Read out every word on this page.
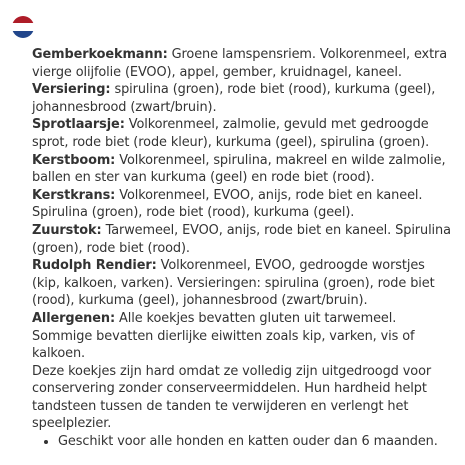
Gemberkoekmann: Groene lamspensriem. Volkorenmeel, extra vierge olijfolie (EVOO), appel, gember, kruidnagel, kaneel.

Versiering: spirulina (groen), rode biet (rood), kurkuma (geel), johannesbrood (zwart/bruin).

Sprotlaarsje: Volkorenmeel, zalmolie, gevuld met gedroogde sprot, rode biet (rode kleur), kurkuma (geel), spirulina (groen).

Kerstboom: Volkorenmeel, spirulina, makreel en wilde zalmolie, ballen en ster van kurkuma (geel) en rode biet (rood).

Kerstkrans: Volkorenmeel, EVOO, anijs, rode biet en kaneel. Spirulina (groen), rode biet (rood), kurkuma (geel).

Zuurstok: Tarwemeel, EVOO, anijs, rode biet en kaneel. Spirulina (groen), rode biet (rood).

Rudolph Rendier: Volkorenmeel, EVOO, gedroogde worstjes (kip, kalkoen, varken). Versieringen: spirulina (groen), rode biet (rood), kurkuma (geel), johannesbrood (zwart/bruin).

Allergenen: Alle koekjes bevatten gluten uit tarwemeel. Sommige bevatten dierlijke eiwitten zoals kip, varken, vis of kalkoen.

Deze koekjes zijn hard omdat ze volledig zijn uitgedroogd voor conservering zonder conserveermiddelen. Hun hardheid helpt tandsteen tussen de tanden te verwijderen en verlengt het speelplezier.

• Geschikt voor alle honden en katten ouder dan 6 maanden.
